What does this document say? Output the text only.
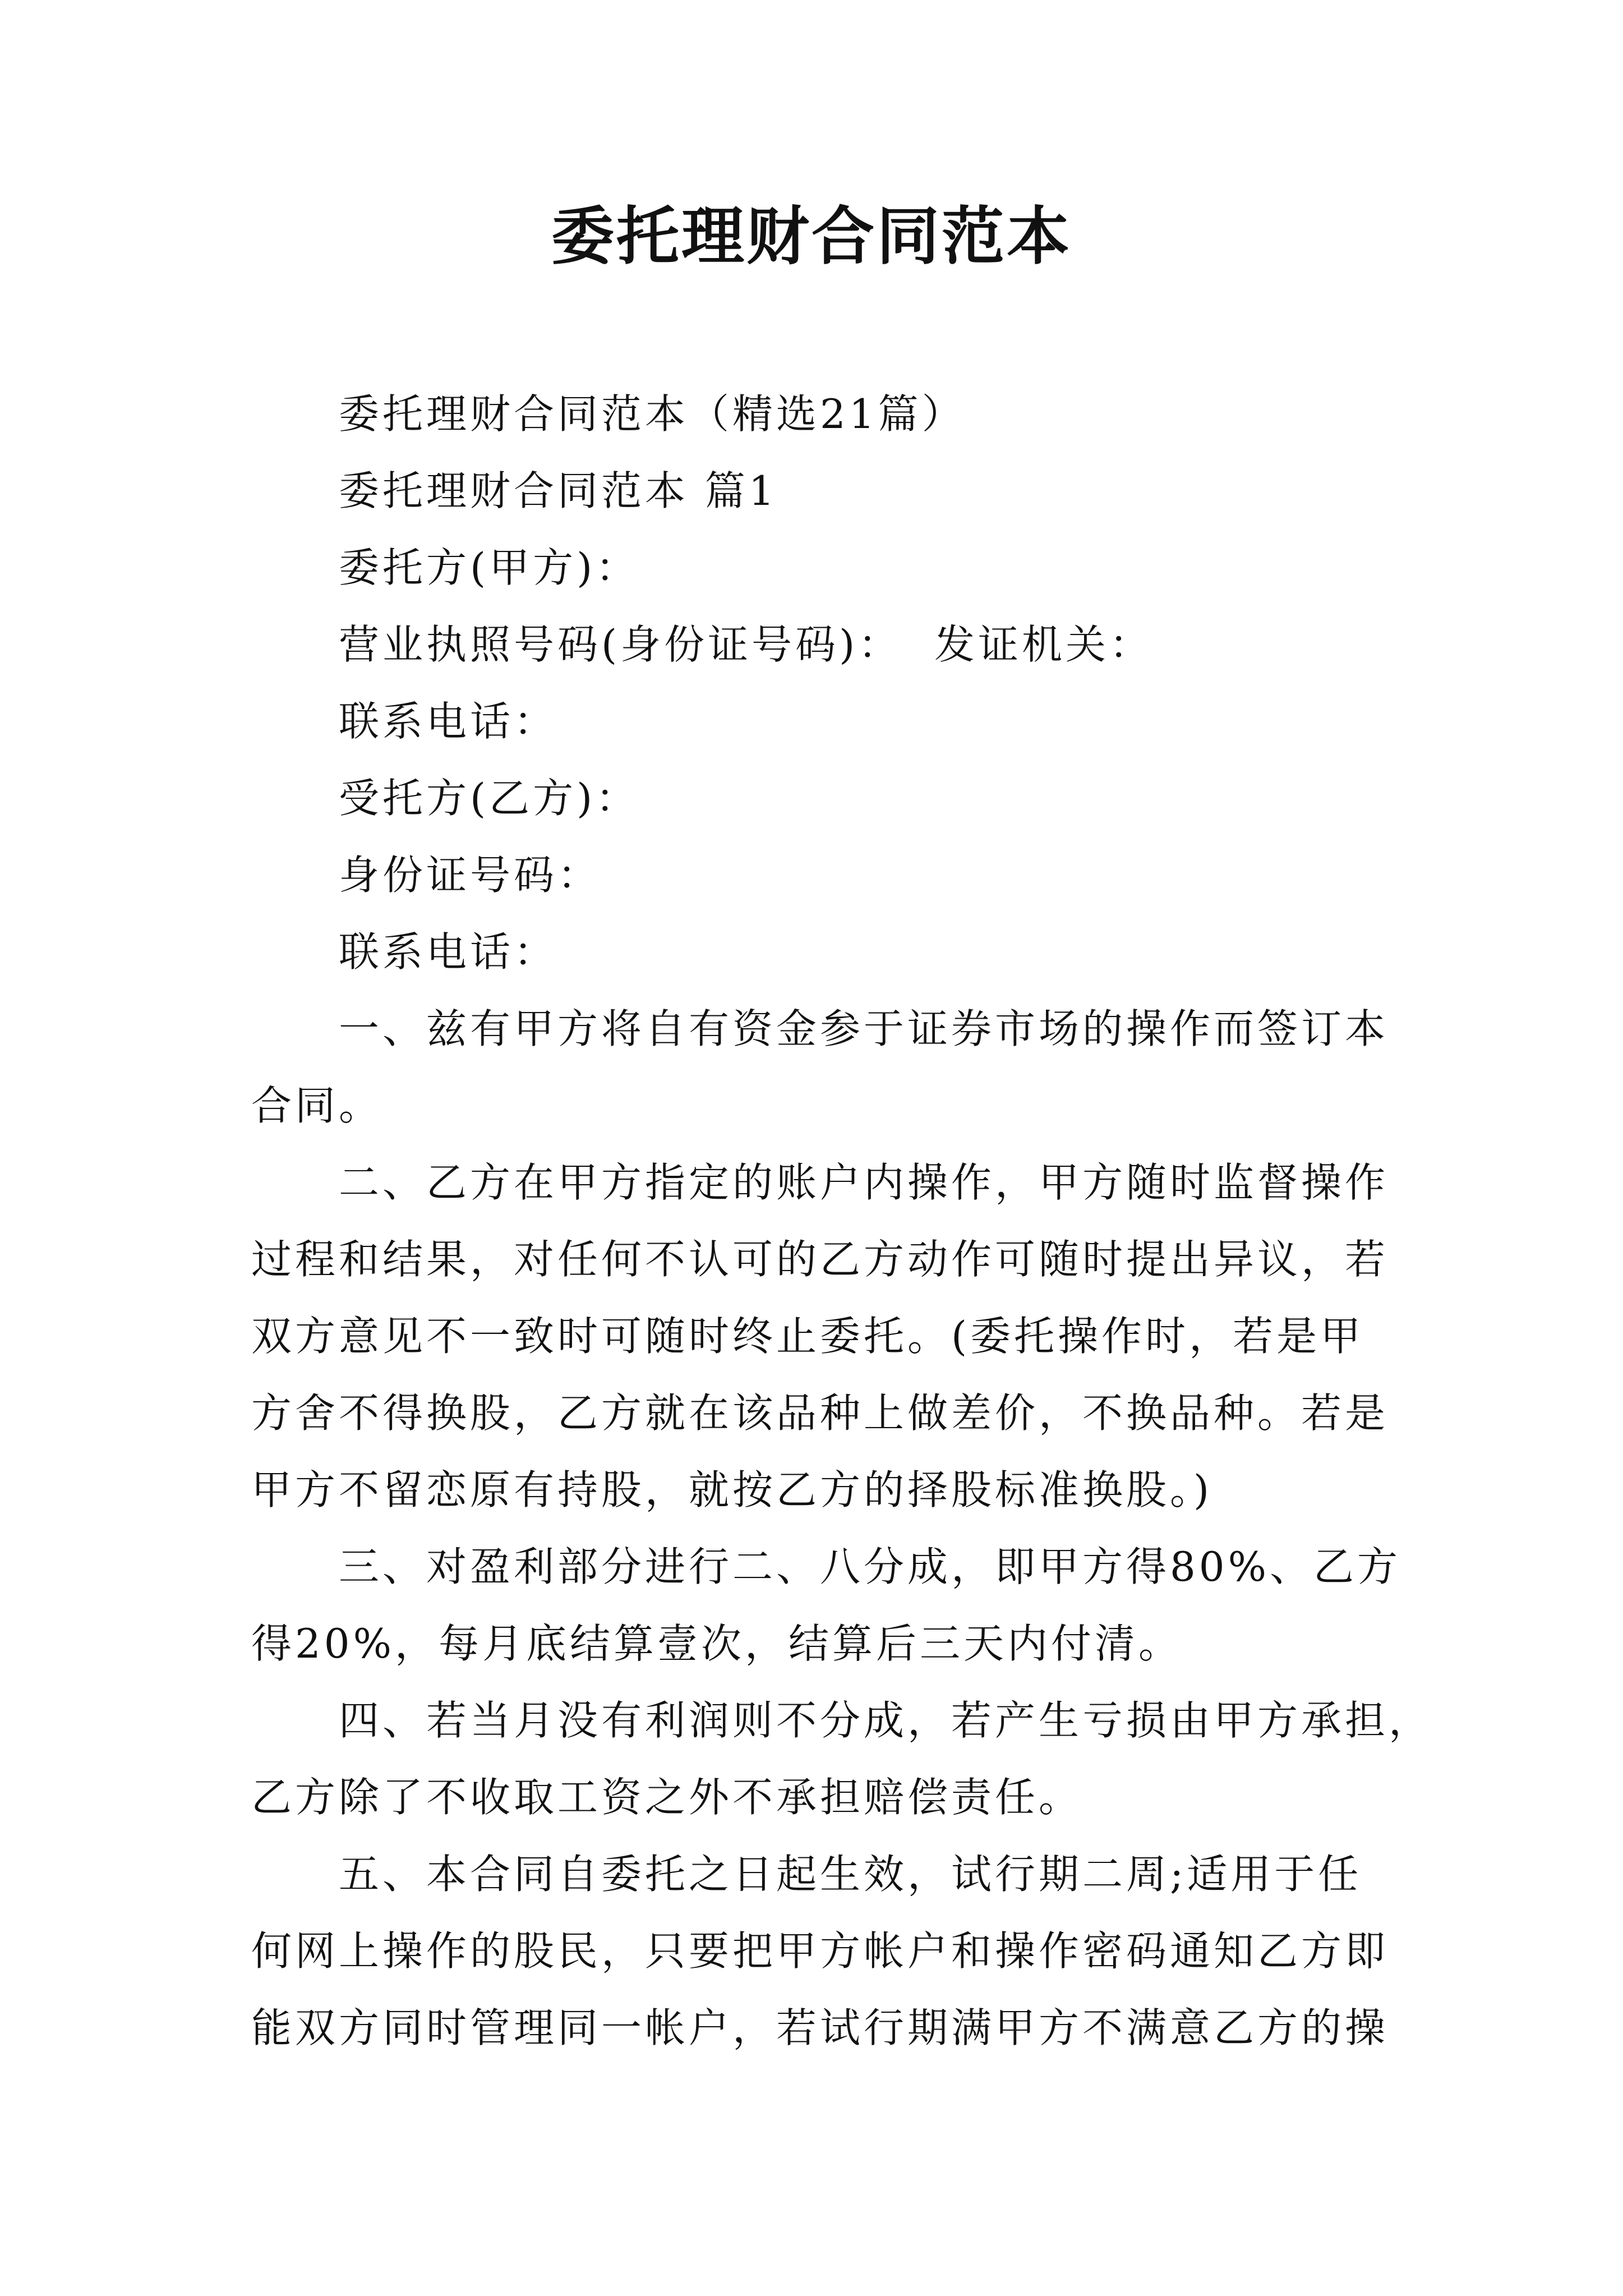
委托理财合同范本
委托理财合同范本（精选21篇）
委托理财合同范本 篇1
委托方(甲方)：
营业执照号码(身份证号码)：  发证机关：
联系电话：
受托方(乙方)：
身份证号码：
联系电话：
一、兹有甲方将自有资金参于证券市场的操作而签订本
合同。
二、乙方在甲方指定的账户内操作，甲方随时监督操作
过程和结果，对任何不认可的乙方动作可随时提出异议，若
双方意见不一致时可随时终止委托。(委托操作时，若是甲
方舍不得换股，乙方就在该品种上做差价，不换品种。若是
甲方不留恋原有持股，就按乙方的择股标准换股。)
三、对盈利部分进行二、八分成，即甲方得80%、乙方
得20%，每月底结算壹次，结算后三天内付清。
四、若当月没有利润则不分成，若产生亏损由甲方承担，
乙方除了不收取工资之外不承担赔偿责任。
五、本合同自委托之日起生效，试行期二周;适用于任
何网上操作的股民，只要把甲方帐户和操作密码通知乙方即
能双方同时管理同一帐户，若试行期满甲方不满意乙方的操
